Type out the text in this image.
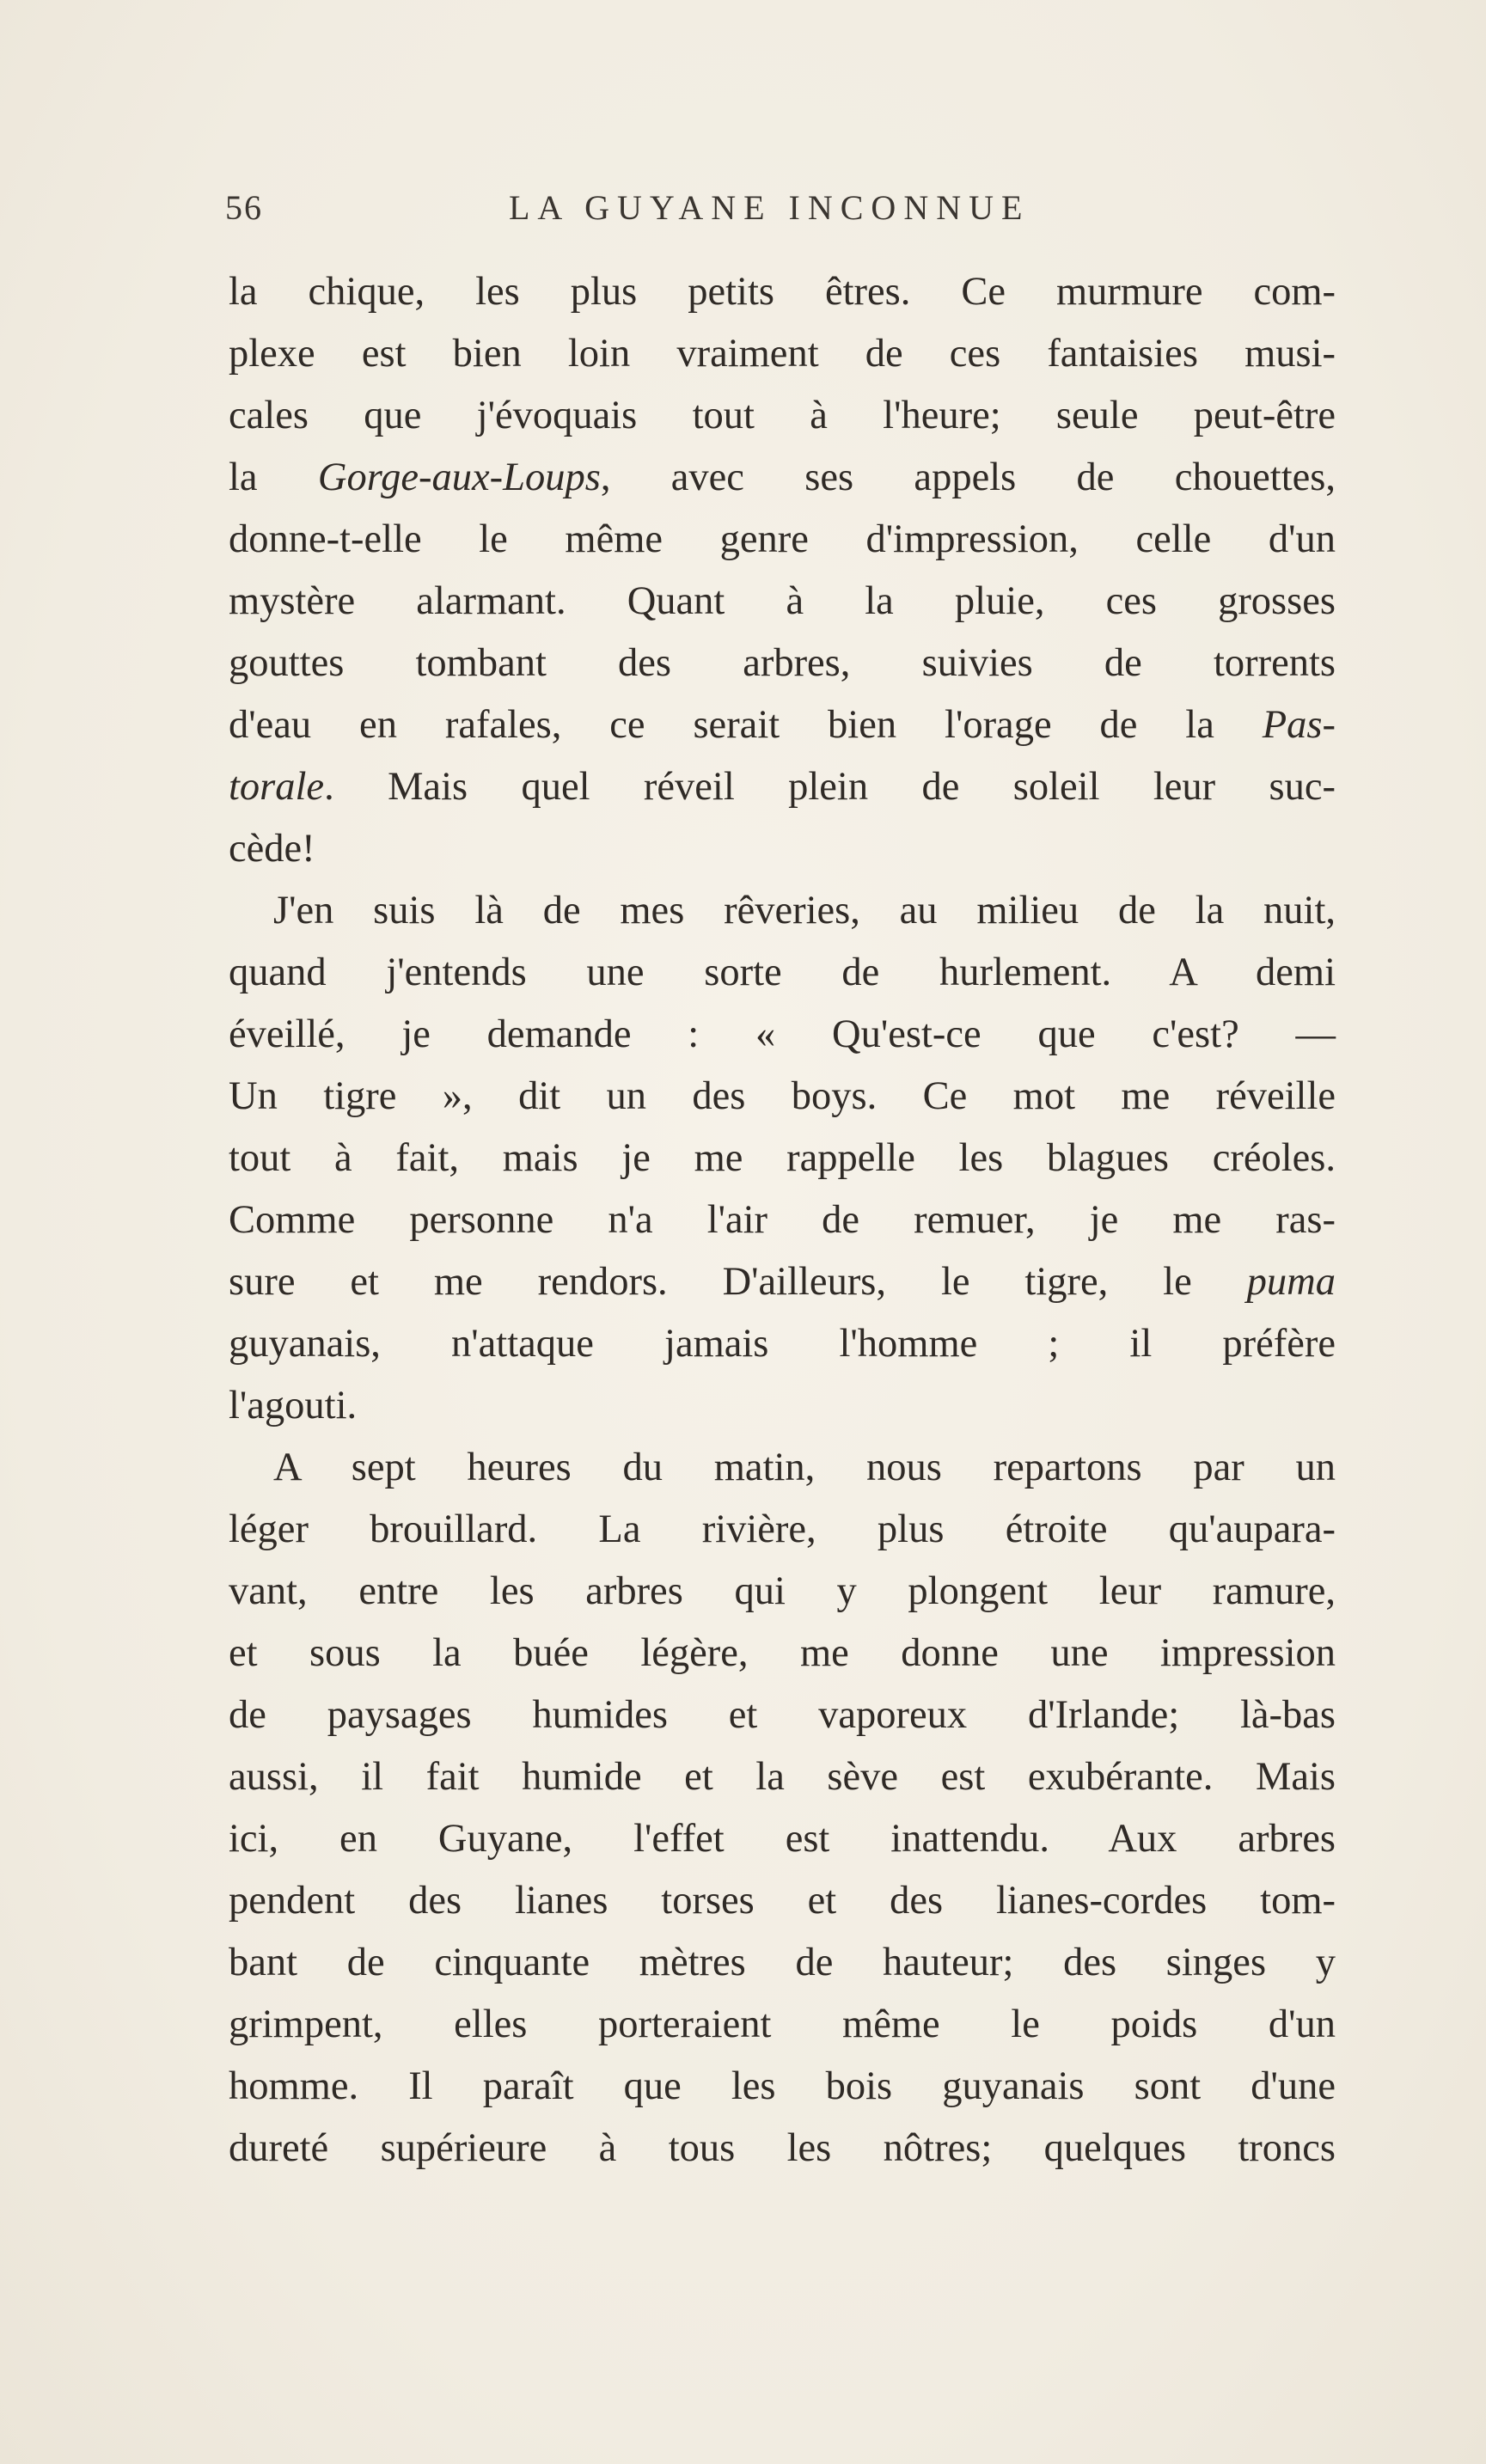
56	LA GUYANE INCONNUE
la chique, les plus petits êtres. Ce murmure com-
plexe est bien loin vraiment de ces fantaisies musi-
cales que j'évoquais tout à l'heure; seule peut-être
la Gorge-aux-Loups, avec ses appels de chouettes,
donne-t-elle le même genre d'impression, celle d'un
mystère alarmant. Quant à la pluie, ces grosses
gouttes tombant des arbres, suivies de torrents
d'eau en rafales, ce serait bien l'orage de la Pas-
torale. Mais quel réveil plein de soleil leur suc-
cède!
J'en suis là de mes rêveries, au milieu de la nuit,
quand j'entends une sorte de hurlement. A demi
éveillé, je demande : « Qu'est-ce que c'est? —
Un tigre », dit un des boys. Ce mot me réveille
tout à fait, mais je me rappelle les blagues créoles.
Comme personne n'a l'air de remuer, je me ras-
sure et me rendors. D'ailleurs, le tigre, le puma
guyanais, n'attaque jamais l'homme ; il préfère
l'agouti.
A sept heures du matin, nous repartons par un
léger brouillard. La rivière, plus étroite qu'aupara-
vant, entre les arbres qui y plongent leur ramure,
et sous la buée légère, me donne une impression
de paysages humides et vaporeux d'Irlande; là-bas
aussi, il fait humide et la sève est exubérante. Mais
ici, en Guyane, l'effet est inattendu. Aux arbres
pendent des lianes torses et des lianes-cordes tom-
bant de cinquante mètres de hauteur; des singes y
grimpent, elles porteraient même le poids d'un
homme. Il paraît que les bois guyanais sont d'une
dureté supérieure à tous les nôtres; quelques troncs
